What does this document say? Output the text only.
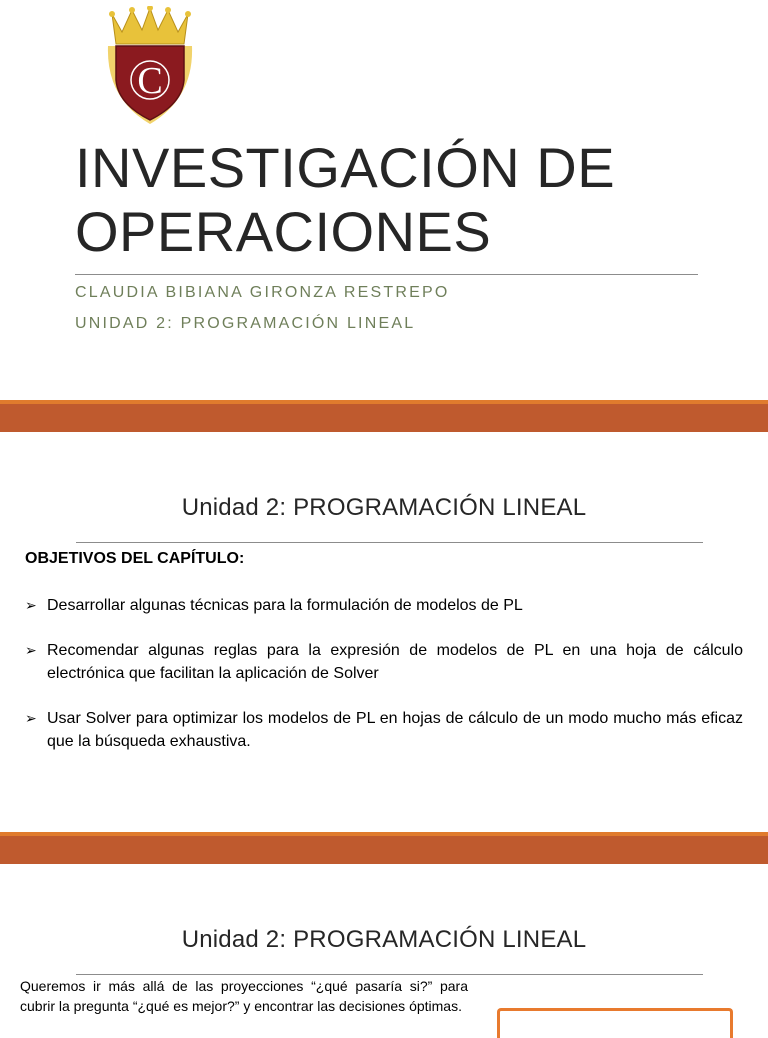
C
INVESTIGACIÓN DE
OPERACIONES
CLAUDIA BIBIANA GIRONZA RESTREPO
UNIDAD 2: PROGRAMACIÓN LINEAL
Unidad 2: PROGRAMACIÓN LINEAL
OBJETIVOS DEL CAPÍTULO:
➢ Desarrollar algunas técnicas para la formulación de modelos de PL
➢ Recomendar algunas reglas para la expresión de modelos de PL en una hoja de cálculo electrónica que facilitan la aplicación de Solver
➢ Usar Solver para optimizar los modelos de PL en hojas de cálculo de un modo mucho más eficaz que la búsqueda exhaustiva.
Unidad 2: PROGRAMACIÓN LINEAL
Queremos ir más allá de las proyecciones “¿qué pasaría si?” para cubrir la pregunta “¿qué es mejor?” y encontrar las decisiones óptimas.
